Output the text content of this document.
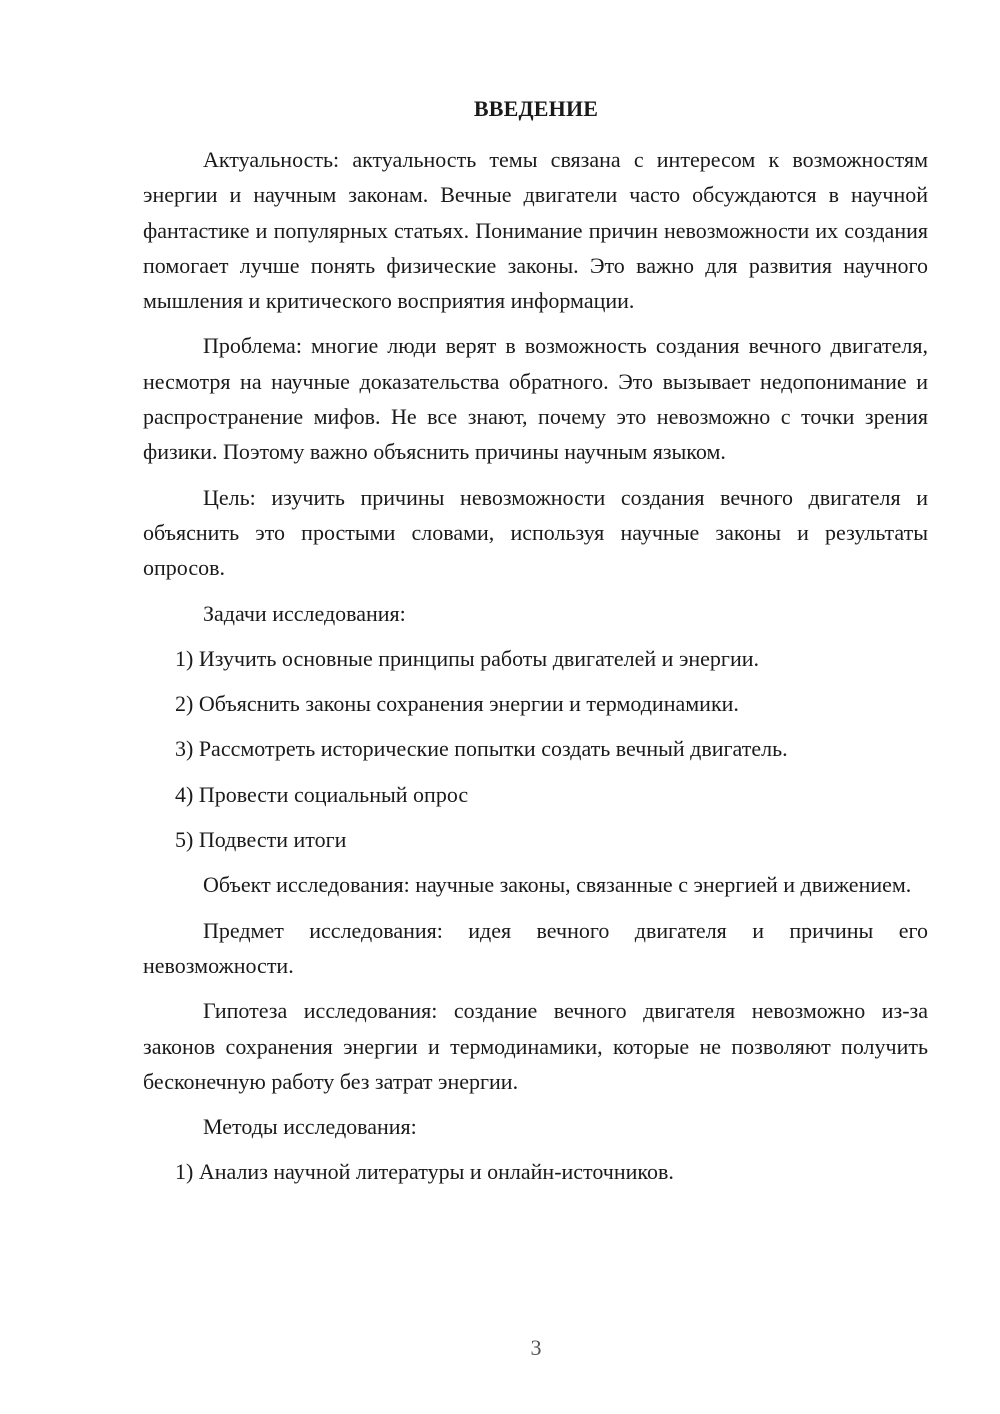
ВВЕДЕНИЕ

Актуальность: актуальность темы связана с интересом к возможностям энергии и научным законам. Вечные двигатели часто обсуждаются в научной фантастике и популярных статьях. Понимание причин невозможности их создания помогает лучше понять физические законы. Это важно для развития научного мышления и критического восприятия информации.

Проблема: многие люди верят в возможность создания вечного двигателя, несмотря на научные доказательства обратного. Это вызывает недопонимание и распространение мифов. Не все знают, почему это невозможно с точки зрения физики. Поэтому важно объяснить причины научным языком.

Цель: изучить причины невозможности создания вечного двигателя и объяснить это простыми словами, используя научные законы и результаты опросов.

Задачи исследования:

1) Изучить основные принципы работы двигателей и энергии.

2) Объяснить законы сохранения энергии и термодинамики.

3) Рассмотреть исторические попытки создать вечный двигатель.

4) Провести социальный опрос

5) Подвести итоги

Объект исследования: научные законы, связанные с энергией и движением.

Предмет исследования: идея вечного двигателя и причины его невозможности.

Гипотеза исследования: создание вечного двигателя невозможно из-за законов сохранения энергии и термодинамики, которые не позволяют получить бесконечную работу без затрат энергии.

Методы исследования:

1) Анализ научной литературы и онлайн-источников.

3
